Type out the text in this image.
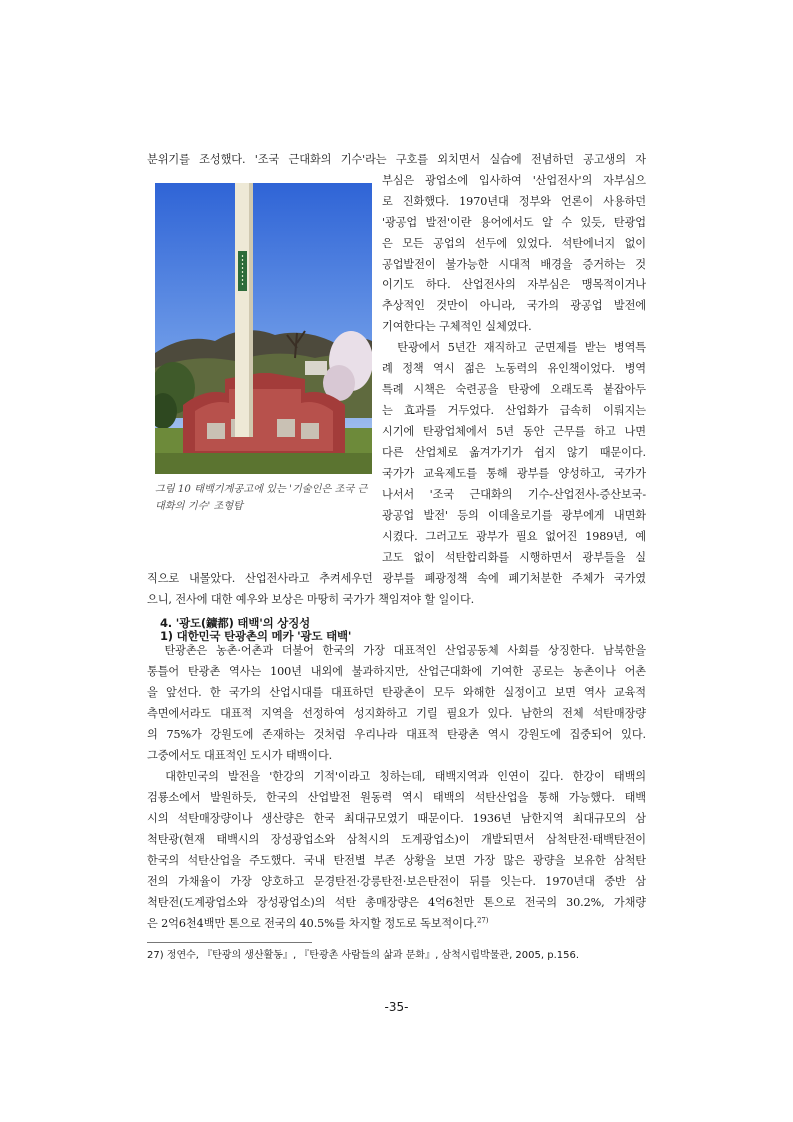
분위기를 조성했다. '조국 근대화의 기수'라는 구호를 외치면서 실습에 전념하던 공고생의 자
부심은 광업소에 입사하여 '산업전사'의 자부심으
로 진화했다. 1970년대 정부와 언론이 사용하던
'광공업 발전'이란 용어에서도 알 수 있듯, 탄광업
은 모든 공업의 선두에 있었다. 석탄에너지 없이
공업발전이 불가능한 시대적 배경을 증거하는 것
이기도 하다. 산업전사의 자부심은 맹목적이거나
추상적인 것만이 아니라, 국가의 광공업 발전에
기여한다는 구체적인 실체였다.
탄광에서 5년간 재직하고 군면제를 받는 병역특
례 정책 역시 젊은 노동력의 유인책이었다. 병역
특례 시책은 숙련공을 탄광에 오래도록 붙잡아두
는 효과를 거두었다. 산업화가 급속히 이뤄지는
시기에 탄광업체에서 5년 동안 근무를 하고 나면
다른 산업체로 옮겨가기가 쉽지 않기 때문이다.
국가가 교육제도를 통해 광부를 양성하고, 국가가
나서서 '조국 근대화의 기수-산업전사-증산보국-
광공업 발전' 등의 이데올로기를 광부에게 내면화
시켰다. 그러고도 광부가 필요 없어진 1989년, 예
고도 없이 석탄합리화를 시행하면서 광부들을 실
그림 10 태백기계공고에 있는 '기술인은 조국 근대화의 기수' 조형탑
직으로 내몰았다. 산업전사라고 추켜세우던 광부를 폐광정책 속에 폐기처분한 주체가 국가였
으니, 전사에 대한 예우와 보상은 마땅히 국가가 책임져야 할 일이다.
4. '광도(鑛都) 태백'의 상징성
1) 대한민국 탄광촌의 메카 '광도 태백'
탄광촌은 농촌·어촌과 더불어 한국의 가장 대표적인 산업공동체 사회를 상징한다. 남북한을
통틀어 탄광촌 역사는 100년 내외에 불과하지만, 산업근대화에 기여한 공로는 농촌이나 어촌
을 앞선다. 한 국가의 산업시대를 대표하던 탄광촌이 모두 와해한 실정이고 보면 역사 교육적
측면에서라도 대표적 지역을 선정하여 성지화하고 기릴 필요가 있다. 남한의 전체 석탄매장량
의 75%가 강원도에 존재하는 것처럼 우리나라 대표적 탄광촌 역시 강원도에 집중되어 있다.
그중에서도 대표적인 도시가 태백이다.
대한민국의 발전을 '한강의 기적'이라고 칭하는데, 태백지역과 인연이 깊다. 한강이 태백의
검룡소에서 발원하듯, 한국의 산업발전 원동력 역시 태백의 석탄산업을 통해 가능했다. 태백
시의 석탄매장량이나 생산량은 한국 최대규모였기 때문이다. 1936년 남한지역 최대규모의 삼
척탄광(현재 태백시의 장성광업소와 삼척시의 도계광업소)이 개발되면서 삼척탄전·태백탄전이
한국의 석탄산업을 주도했다. 국내 탄전별 부존 상황을 보면 가장 많은 광량을 보유한 삼척탄
전의 가채율이 가장 양호하고 문경탄전·강릉탄전·보은탄전이 뒤를 잇는다. 1970년대 중반 삼
척탄전(도계광업소와 장성광업소)의 석탄 총매장량은 4억6천만 톤으로 전국의 30.2%, 가채량
은 2억6천4백만 톤으로 전국의 40.5%를 차지할 정도로 독보적이다.$^{27)}$
27) 정연수, 『탄광의 생산활동』, 『탄광촌 사람들의 삶과 문화』, 삼척시립박물관, 2005, p.156.
-35-
